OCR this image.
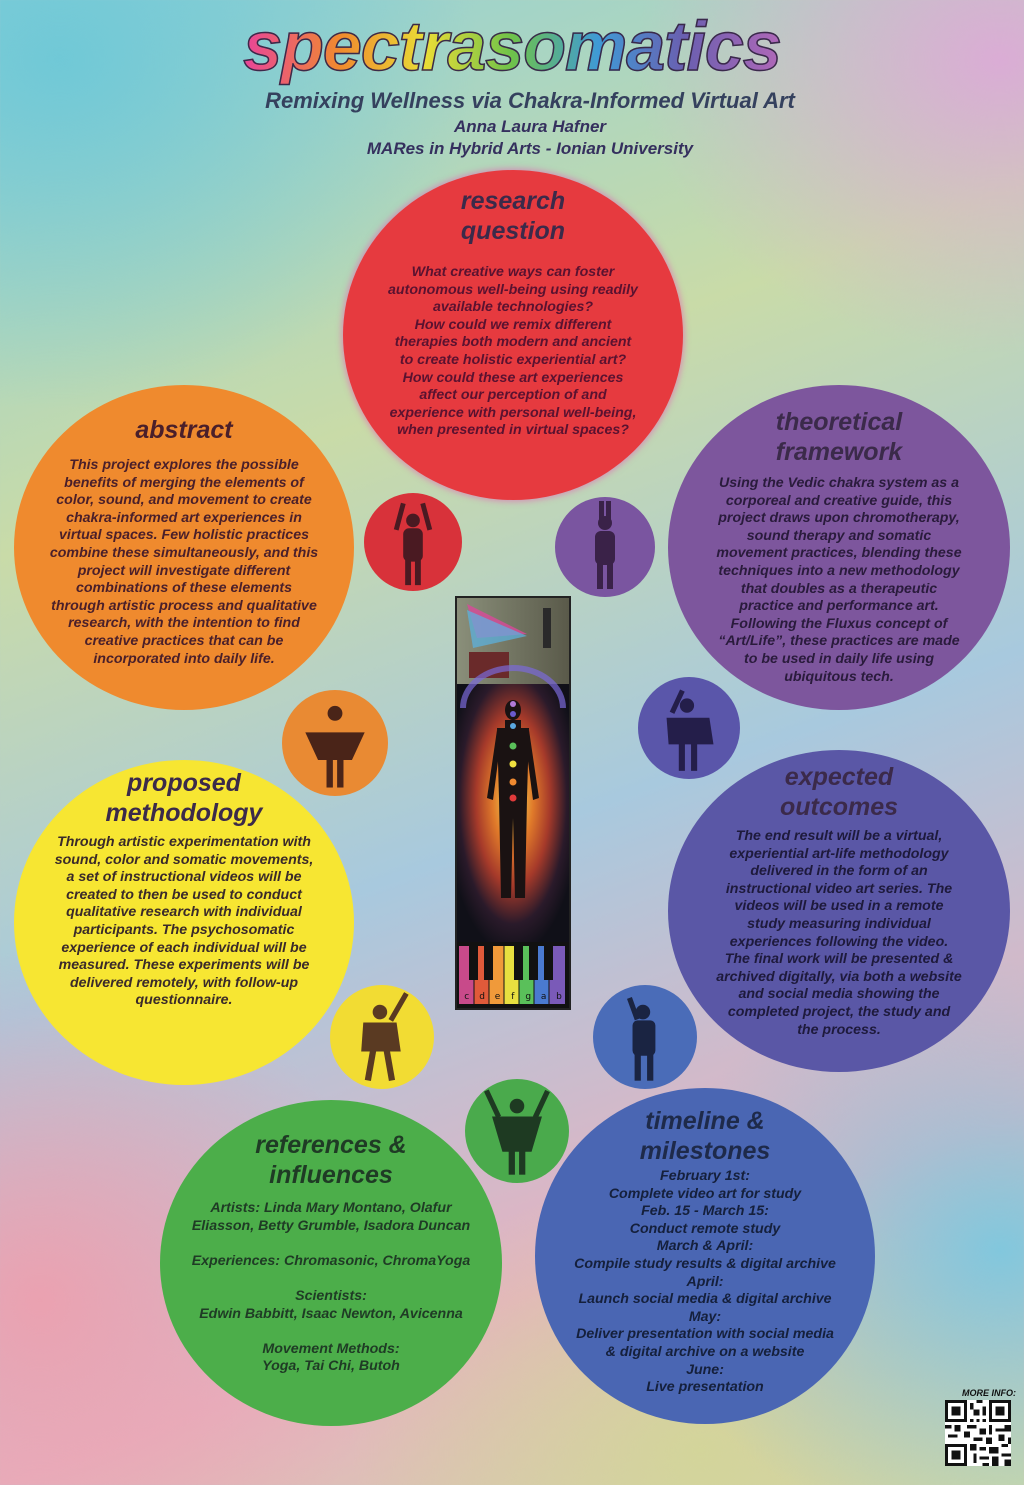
spectrasomatics
Remixing Wellness via Chakra-Informed Virtual Art
Anna Laura Hafner
MARes in Hybrid Arts - Ionian University

research
question

What creative ways can foster
autonomous well-being using readily
available technologies?
How could we remix different
therapies both modern and ancient
to create holistic experiential art?
How could these art experiences
affect our perception of and
experience with personal well-being,
when presented in virtual spaces?

abstract

This project explores the possible
benefits of merging the elements of
color, sound, and movement to create
chakra-informed art experiences in
virtual spaces. Few holistic practices
combine these simultaneously, and this
project will investigate different
combinations of these elements
through artistic process and qualitative
research, with the intention to find
creative practices that can be
incorporated into daily life.

theoretical
framework

Using the Vedic chakra system as a
corporeal and creative guide, this
project draws upon chromotherapy,
sound therapy and somatic
movement practices, blending these
techniques into a new methodology
that doubles as a therapeutic
practice and performance art.
Following the Fluxus concept of
“Art/Life”, these practices are made
to be used in daily life using
ubiquitous tech.

proposed
methodology

Through artistic experimentation with
sound, color and somatic movements,
a set of instructional videos will be
created to then be used to conduct
qualitative research with individual
participants. The psychosomatic
experience of each individual will be
measured. These experiments will be
delivered remotely, with follow-up
questionnaire.

expected
outcomes

The end result will be a virtual,
experiential art-life methodology
delivered in the form of an
instructional video art series. The
videos will be used in a remote
study measuring individual
experiences following the video.
The final work will be presented &
archived digitally, via both a website
and social media showing the
completed project, the study and
the process.

references &
influences

Artists: Linda Mary Montano, Olafur
Eliasson, Betty Grumble, Isadora Duncan

Experiences: Chromasonic, ChromaYoga

Scientists:
Edwin Babbitt, Isaac Newton, Avicenna

Movement Methods:
Yoga, Tai Chi, Butoh

timeline &
milestones

February 1st:
Complete video art for study
Feb. 15 - March 15:
Conduct remote study
March & April:
Compile study results & digital archive
April:
Launch social media & digital archive
May:
Deliver presentation with social media
& digital archive on a website
June:
Live presentation

c	d	e	f	g	a	b
MORE INFO:
